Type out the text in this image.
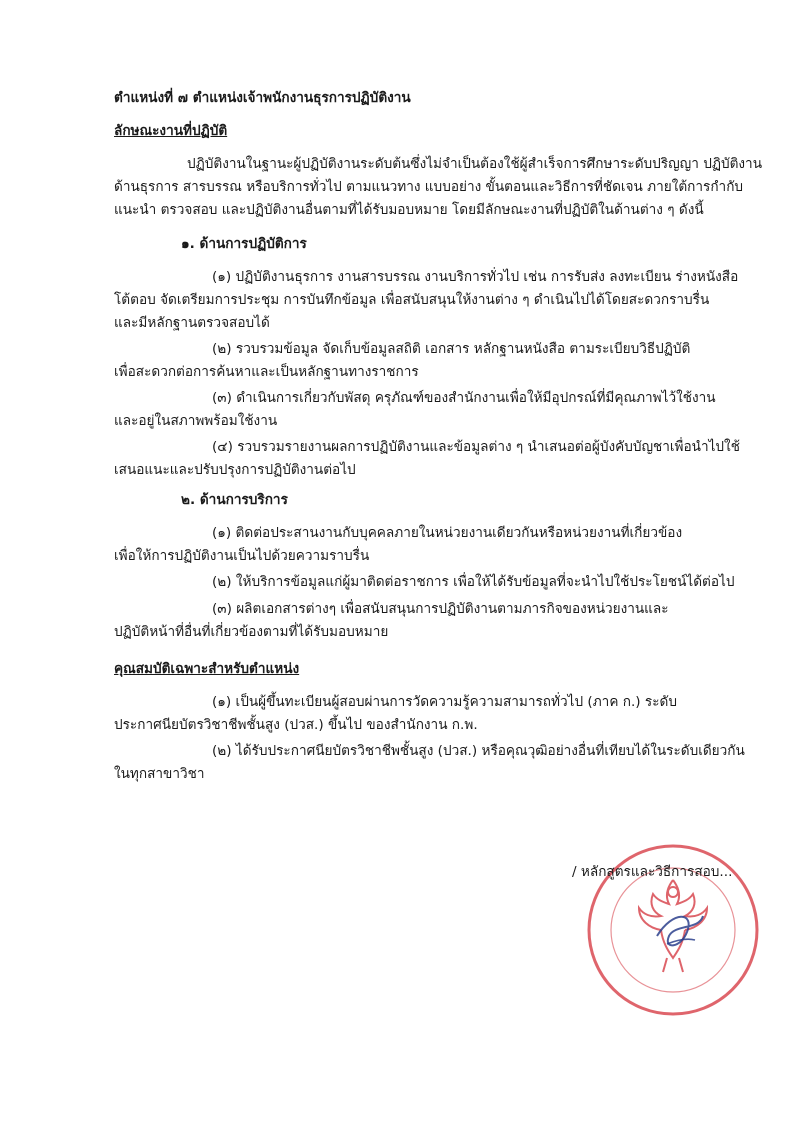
ตำแหน่งที่ ๗ ตำแหน่งเจ้าพนักงานธุรการปฏิบัติงาน
ลักษณะงานที่ปฏิบัติ
ปฏิบัติงานในฐานะผู้ปฏิบัติงานระดับต้นซึ่งไม่จำเป็นต้องใช้ผู้สำเร็จการศึกษาระดับปริญญา ปฏิบัติงาน
ด้านธุรการ สารบรรณ หรือบริการทั่วไป ตามแนวทาง แบบอย่าง ขั้นตอนและวิธีการที่ชัดเจน ภายใต้การกำกับ
แนะนำ ตรวจสอบ และปฏิบัติงานอื่นตามที่ได้รับมอบหมาย โดยมีลักษณะงานที่ปฏิบัติในด้านต่าง ๆ ดังนี้
๑. ด้านการปฏิบัติการ
(๑) ปฏิบัติงานธุรการ งานสารบรรณ งานบริการทั่วไป เช่น การรับส่ง ลงทะเบียน ร่างหนังสือ
โต้ตอบ จัดเตรียมการประชุม การบันทึกข้อมูล เพื่อสนับสนุนให้งานต่าง ๆ ดำเนินไปได้โดยสะดวกราบรื่น
และมีหลักฐานตรวจสอบได้
(๒) รวบรวมข้อมูล จัดเก็บข้อมูลสถิติ เอกสาร หลักฐานหนังสือ ตามระเบียบวิธีปฏิบัติ
เพื่อสะดวกต่อการค้นหาและเป็นหลักฐานทางราชการ
(๓) ดำเนินการเกี่ยวกับพัสดุ ครุภัณฑ์ของสำนักงานเพื่อให้มีอุปกรณ์ที่มีคุณภาพไว้ใช้งาน
และอยู่ในสภาพพร้อมใช้งาน
(๔) รวบรวมรายงานผลการปฏิบัติงานและข้อมูลต่าง ๆ นำเสนอต่อผู้บังคับบัญชาเพื่อนำไปใช้
เสนอแนะและปรับปรุงการปฏิบัติงานต่อไป
๒. ด้านการบริการ
(๑) ติดต่อประสานงานกับบุคคลภายในหน่วยงานเดียวกันหรือหน่วยงานที่เกี่ยวข้อง
เพื่อให้การปฏิบัติงานเป็นไปด้วยความราบรื่น
(๒) ให้บริการข้อมูลแก่ผู้มาติดต่อราชการ เพื่อให้ได้รับข้อมูลที่จะนำไปใช้ประโยชน์ได้ต่อไป
(๓) ผลิตเอกสารต่างๆ เพื่อสนับสนุนการปฏิบัติงานตามภารกิจของหน่วยงานและ
ปฏิบัติหน้าที่อื่นที่เกี่ยวข้องตามที่ได้รับมอบหมาย
คุณสมบัติเฉพาะสำหรับตำแหน่ง
(๑) เป็นผู้ขึ้นทะเบียนผู้สอบผ่านการวัดความรู้ความสามารถทั่วไป (ภาค ก.) ระดับ
ประกาศนียบัตรวิชาชีพชั้นสูง (ปวส.) ขึ้นไป ของสำนักงาน ก.พ.
(๒) ได้รับประกาศนียบัตรวิชาชีพชั้นสูง (ปวส.) หรือคุณวุฒิอย่างอื่นที่เทียบได้ในระดับเดียวกัน
ในทุกสาขาวิชา
/ หลักสูตรและวิธีการสอบ...
